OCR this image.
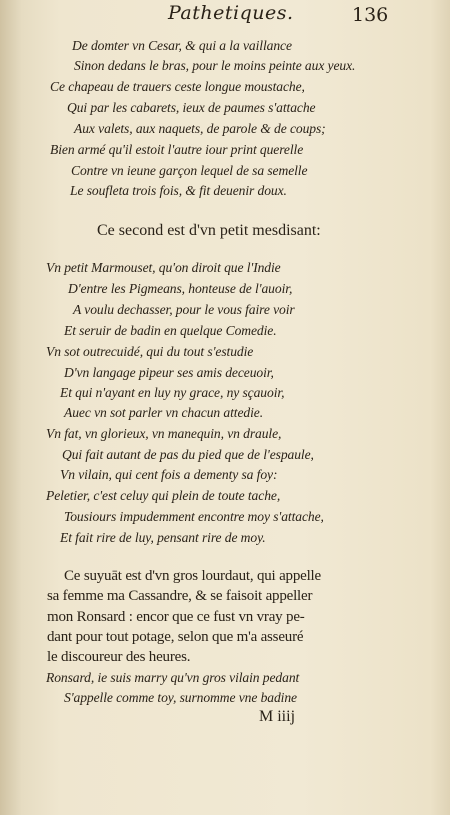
Pathetiques.	136
De domter vn Cesar, & qui a la vaillance
Sinon dedans le bras, pour le moins peinte aux yeux.
Ce chapeau de trauers ceste longue moustache,
Qui par les cabarets, ieux de paumes s'attache
Aux valets, aux naquets, de parole & de coups;
Bien armé qu'il estoit l'autre iour print querelle
Contre vn ieune garçon lequel de sa semelle
Le soufleta trois fois, & fit deuenir doux.
Ce second est d'vn petit mesdisant:
Vn petit Marmouset, qu'on diroit que l'Indie
D'entre les Pigmeans, honteuse de l'auoir,
A voulu dechasser, pour le vous faire voir
Et seruir de badin en quelque Comedie.
Vn sot outrecuidé, qui du tout s'estudie
D'vn langage pipeur ses amis deceuoir,
Et qui n'ayant en luy ny grace, ny sçauoir,
Auec vn sot parler vn chacun attedie.
Vn fat, vn glorieux, vn manequin, vn draule,
Qui fait autant de pas du pied que de l'espaule,
Vn vilain, qui cent fois a dementy sa foy:
Peletier, c'est celuy qui plein de toute tache,
Tousiours impudemment encontre moy s'attache,
Et fait rire de luy, pensant rire de moy.
Ce suyuāt est d'vn gros lourdaut, qui appelle
sa femme ma Cassandre, & se faisoit appeller
mon Ronsard : encor que ce fust vn vray pe-
dant pour tout potage, selon que m'a asseuré
le discoureur des heures.
Ronsard, ie suis marry qu'vn gros vilain pedant
S'appelle comme toy, surnomme vne badine
M iiij
